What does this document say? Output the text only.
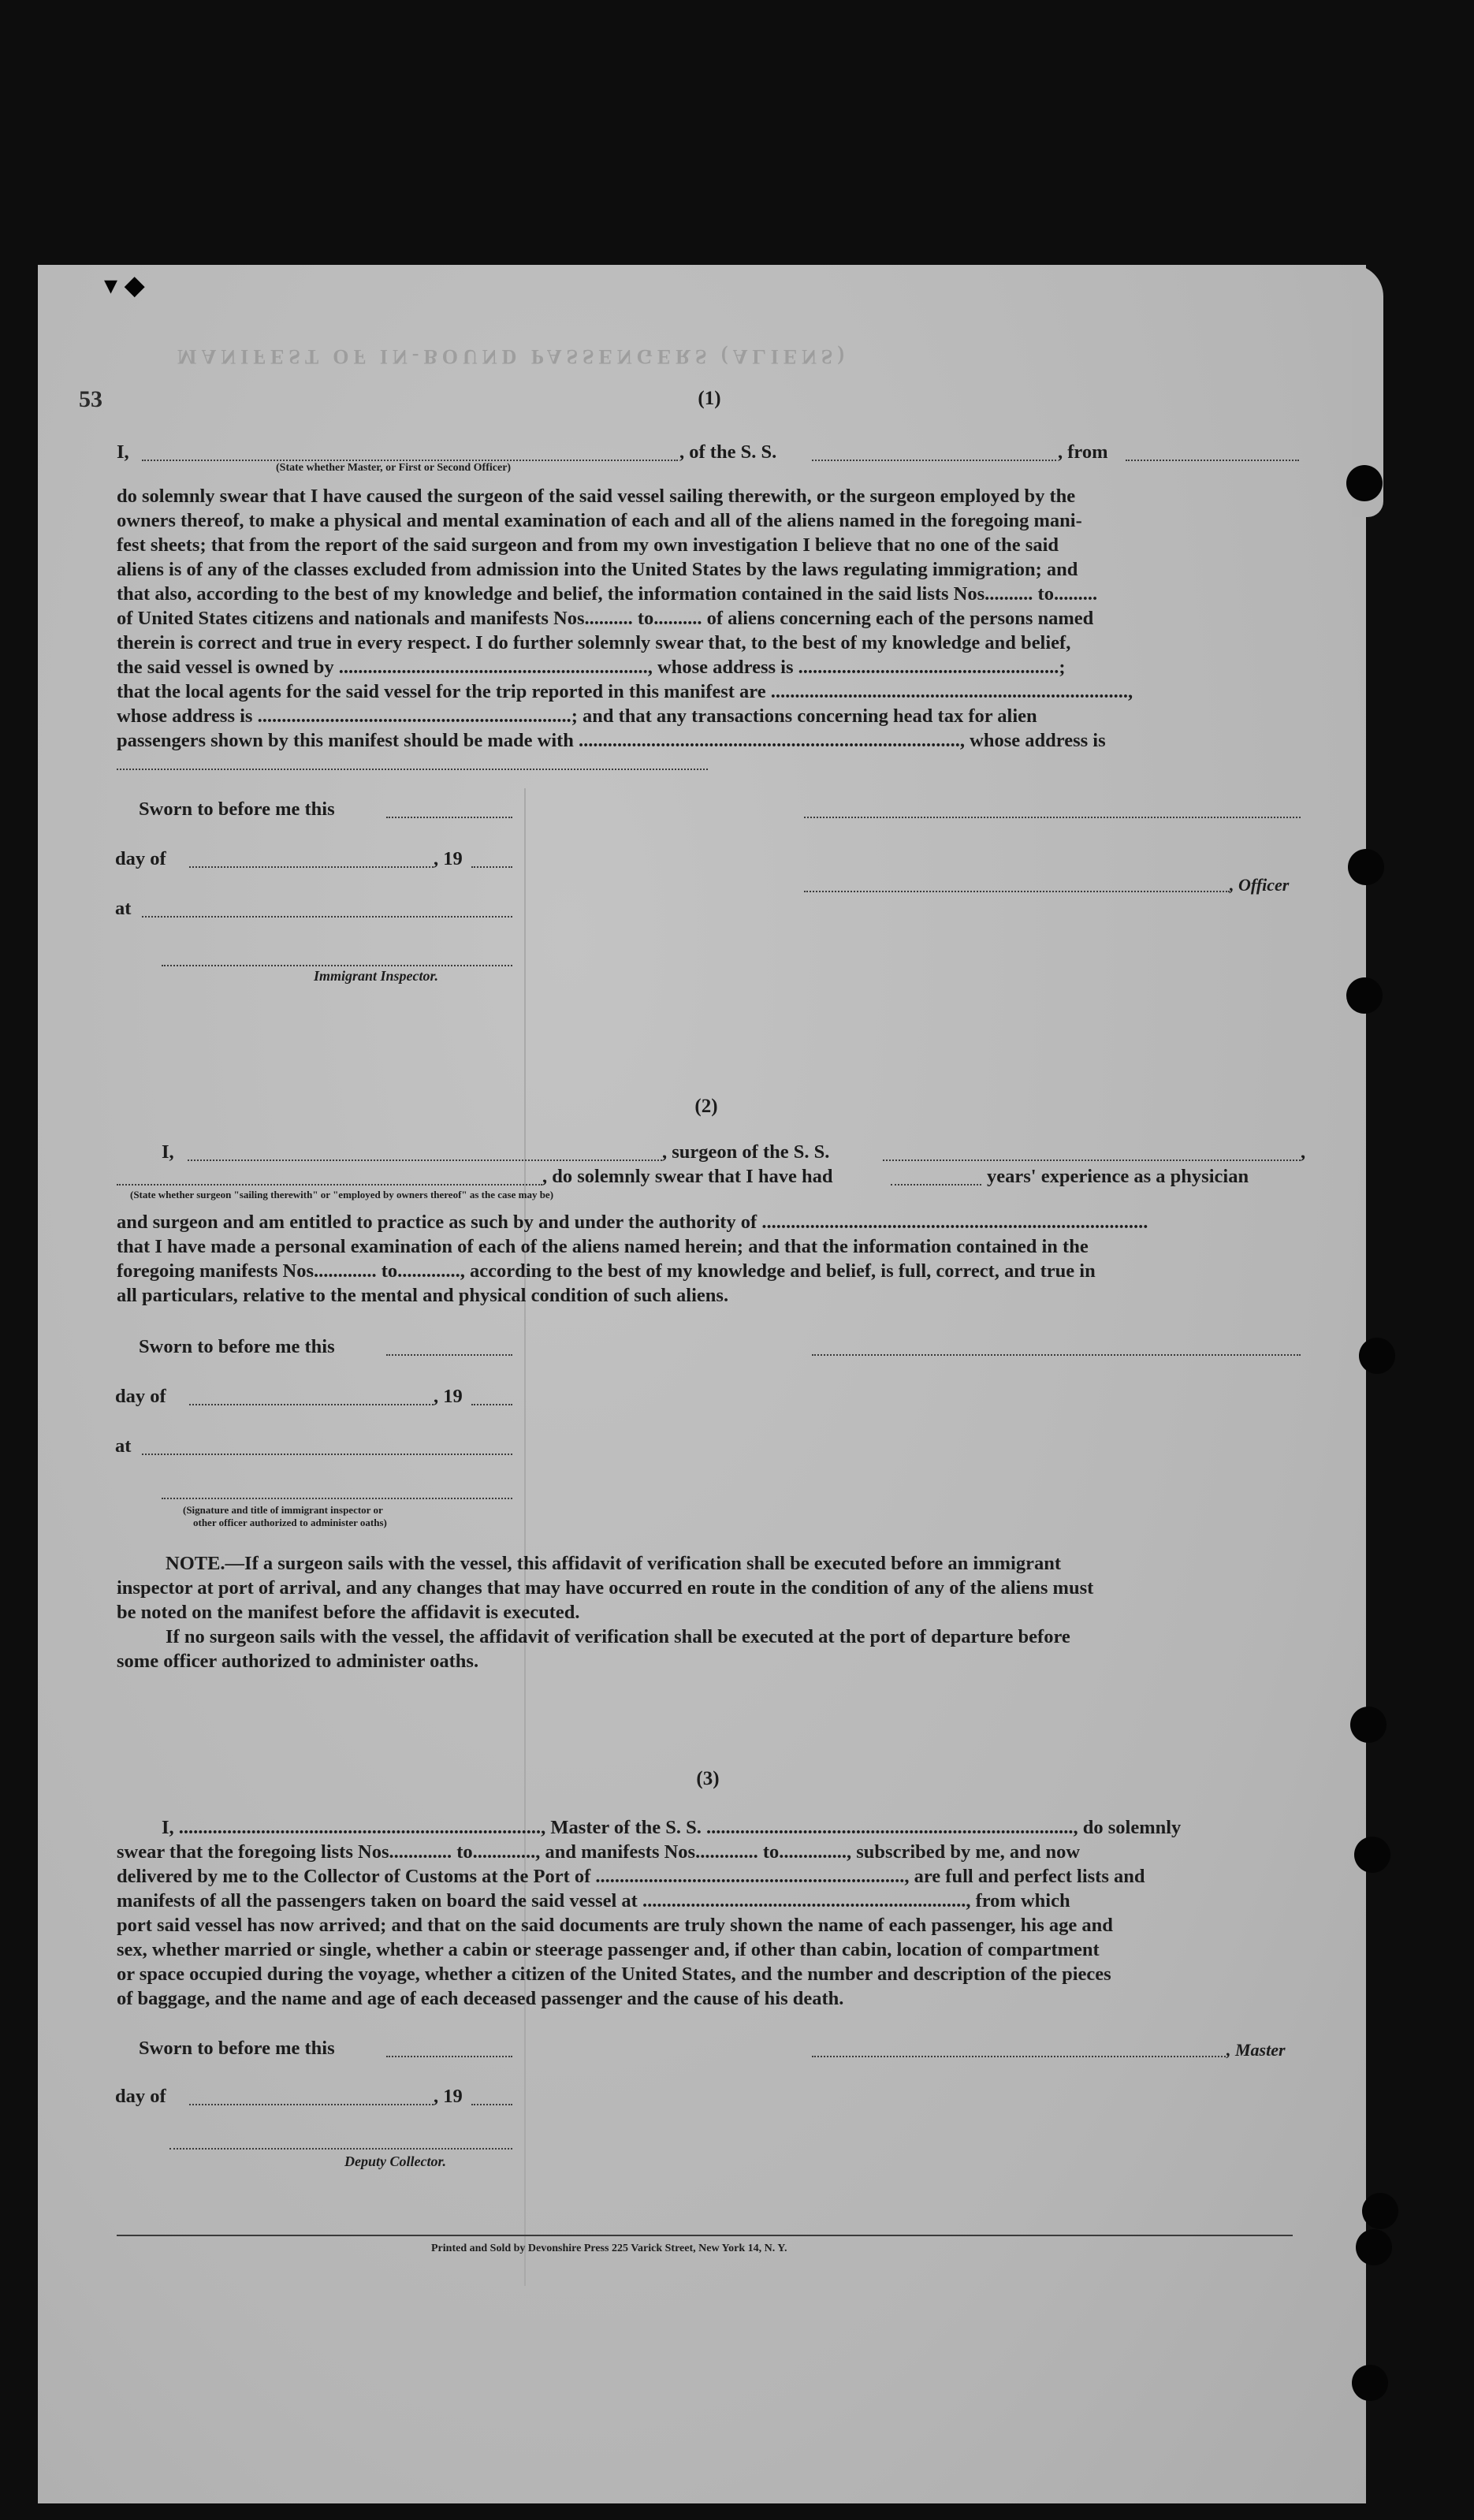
▾ ◆
53
MANIFEST OF IN-BOUND PASSENGERS (ALIENS)
(1)
I,	, of the S. S.	, from
(State whether Master, or First or Second Officer)
do solemnly swear that I have caused the surgeon of the said vessel sailing therewith, or the surgeon employed by the
owners thereof, to make a physical and mental examination of each and all of the aliens named in the foregoing mani-
fest sheets; that from the report of the said surgeon and from my own investigation I believe that no one of the said
aliens is of any of the classes excluded from admission into the United States by the laws regulating immigration; and
that also, according to the best of my knowledge and belief, the information contained in the said lists Nos.......... to.........
of United States citizens and nationals and manifests Nos.......... to.......... of aliens concerning each of the persons named
therein is correct and true in every respect. I do further solemnly swear that, to the best of my knowledge and belief,
the said vessel is owned by ................................................................, whose address is ......................................................;
that the local agents for the said vessel for the trip reported in this manifest are ..........................................................................,
whose address is .................................................................; and that any transactions concerning head tax for alien
passengers shown by this manifest should be made with ..............................................................................., whose address is
Sworn to before me this
day of	, 19
, Officer
at
Immigrant Inspector.
(2)
I,	, surgeon of the S. S.	,
, do solemnly swear that I have had	years' experience as a physician
(State whether surgeon "sailing therewith" or "employed by owners thereof" as the case may be)
and surgeon and am entitled to practice as such by and under the authority of ................................................................................
that I have made a personal examination of each of the aliens named herein; and that the information contained in the
foregoing manifests Nos............. to............., according to the best of my knowledge and belief, is full, correct, and true in
all particulars, relative to the mental and physical condition of such aliens.
Sworn to before me this
day of	, 19
at
(Signature and title of immigrant inspector or
other officer authorized to administer oaths)
NOTE.—If a surgeon sails with the vessel, this affidavit of verification shall be executed before an immigrant
inspector at port of arrival, and any changes that may have occurred en route in the condition of any of the aliens must
be noted on the manifest before the affidavit is executed.
If no surgeon sails with the vessel, the affidavit of verification shall be executed at the port of departure before
some officer authorized to administer oaths.
(3)
I, ..........................................................................., Master of the S. S. ............................................................................, do solemnly
swear that the foregoing lists Nos............. to............., and manifests Nos............. to.............., subscribed by me, and now
delivered by me to the Collector of Customs at the Port of ................................................................, are full and perfect lists and
manifests of all the passengers taken on board the said vessel at ..................................................................., from which
port said vessel has now arrived; and that on the said documents are truly shown the name of each passenger, his age and
sex, whether married or single, whether a cabin or steerage passenger and, if other than cabin, location of compartment
or space occupied during the voyage, whether a citizen of the United States, and the number and description of the pieces
of baggage, and the name and age of each deceased passenger and the cause of his death.
Sworn to before me this	, Master
day of	, 19
Deputy Collector.
Printed and Sold by Devonshire Press 225 Varick Street, New York 14, N. Y.
